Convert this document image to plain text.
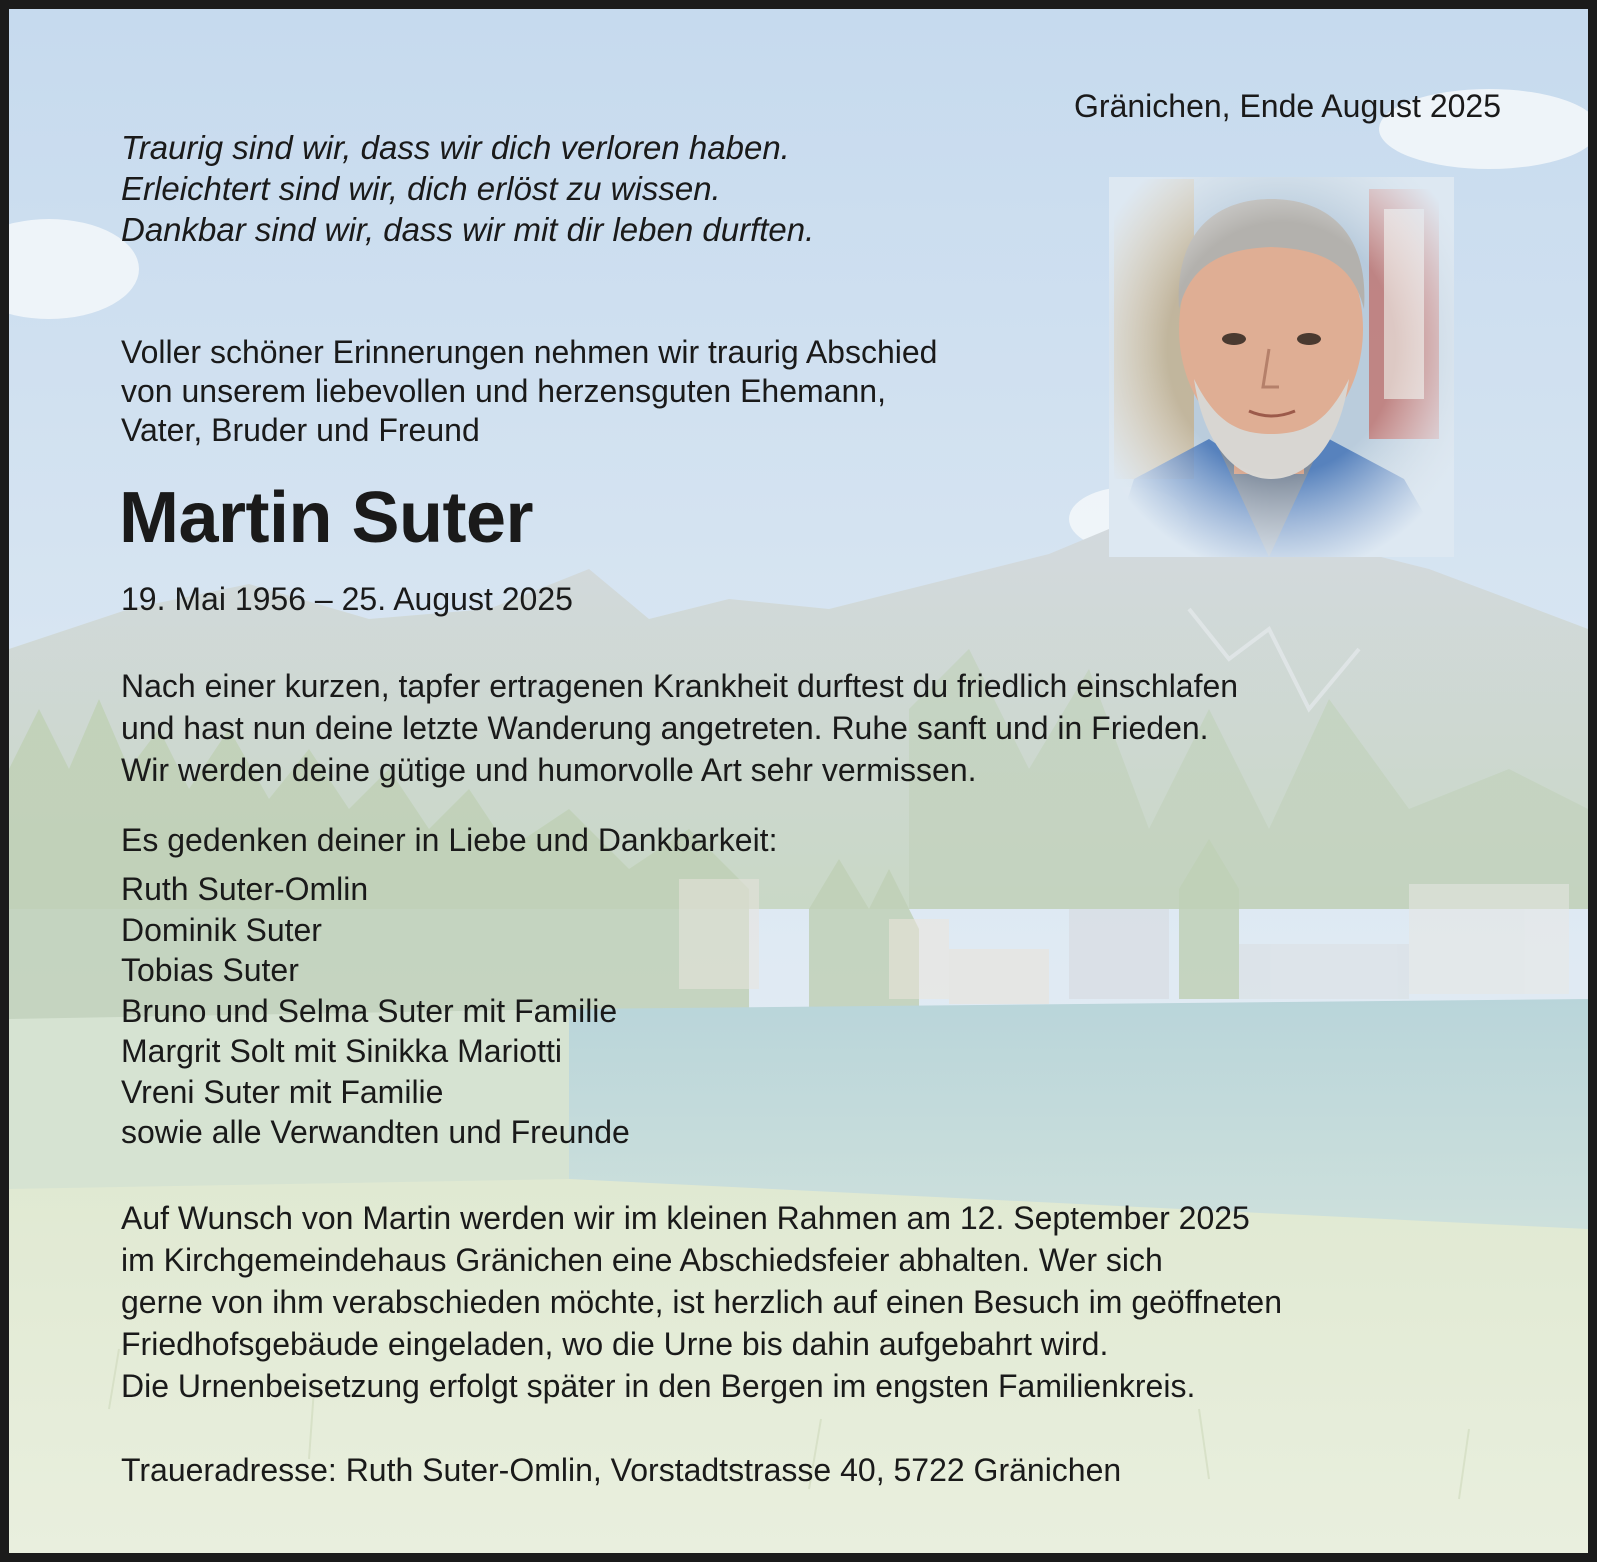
Gränichen, Ende August 2025
Traurig sind wir, dass wir dich verloren haben.
Erleichtert sind wir, dich erlöst zu wissen.
Dankbar sind wir, dass wir mit dir leben durften.
Voller schöner Erinnerungen nehmen wir traurig Abschied
von unserem liebevollen und herzensguten Ehemann,
Vater, Bruder und Freund
Martin Suter
19. Mai 1956 – 25. August 2025
Nach einer kurzen, tapfer ertragenen Krankheit durftest du friedlich einschlafen
und hast nun deine letzte Wanderung angetreten. Ruhe sanft und in Frieden.
Wir werden deine gütige und humorvolle Art sehr vermissen.
Es gedenken deiner in Liebe und Dankbarkeit:
Ruth Suter-Omlin
Dominik Suter
Tobias Suter
Bruno und Selma Suter mit Familie
Margrit Solt mit Sinikka Mariotti
Vreni Suter mit Familie
sowie alle Verwandten und Freunde
Auf Wunsch von Martin werden wir im kleinen Rahmen am 12. September 2025
im Kirchgemeindehaus Gränichen eine Abschiedsfeier abhalten. Wer sich
gerne von ihm verabschieden möchte, ist herzlich auf einen Besuch im geöffneten
Friedhofsgebäude eingeladen, wo die Urne bis dahin aufgebahrt wird.
Die Urnenbeisetzung erfolgt später in den Bergen im engsten Familienkreis.
Traueradresse: Ruth Suter-Omlin, Vorstadtstrasse 40, 5722 Gränichen
